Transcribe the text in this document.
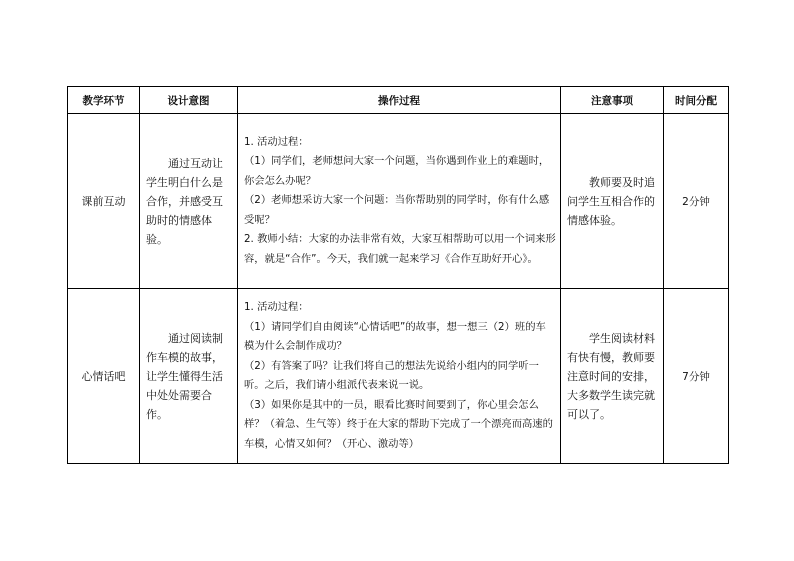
教学环节	设计意图	操作过程	注意事项	时间分配
课前互动	通过互动让学生明白什么是合作，并感受互助时的情感体验。	1. 活动过程：
（1）同学们，老师想问大家一个问题，当你遇到作业上的难题时，你会怎么办呢？
（2）老师想采访大家一个问题：当你帮助别的同学时，你有什么感受呢？
2. 教师小结：大家的办法非常有效，大家互相帮助可以用一个词来形容，就是“合作”。今天，我们就一起来学习《合作互助好开心》。	教师要及时追问学生互相合作的情感体验。	2分钟
心情话吧	通过阅读制作车模的故事，让学生懂得生活中处处需要合作。	1. 活动过程：
（1）请同学们自由阅读“心情话吧”的故事，想一想三（2）班的车模为什么会制作成功？
（2）有答案了吗？让我们将自己的想法先说给小组内的同学听一听。之后，我们请小组派代表来说一说。
（3）如果你是其中的一员，眼看比赛时间要到了，你心里会怎么样？（着急、生气等）终于在大家的帮助下完成了一个漂亮而高速的车模，心情又如何？（开心、激动等）	学生阅读材料有快有慢，教师要注意时间的安排，大多数学生读完就可以了。	7分钟
